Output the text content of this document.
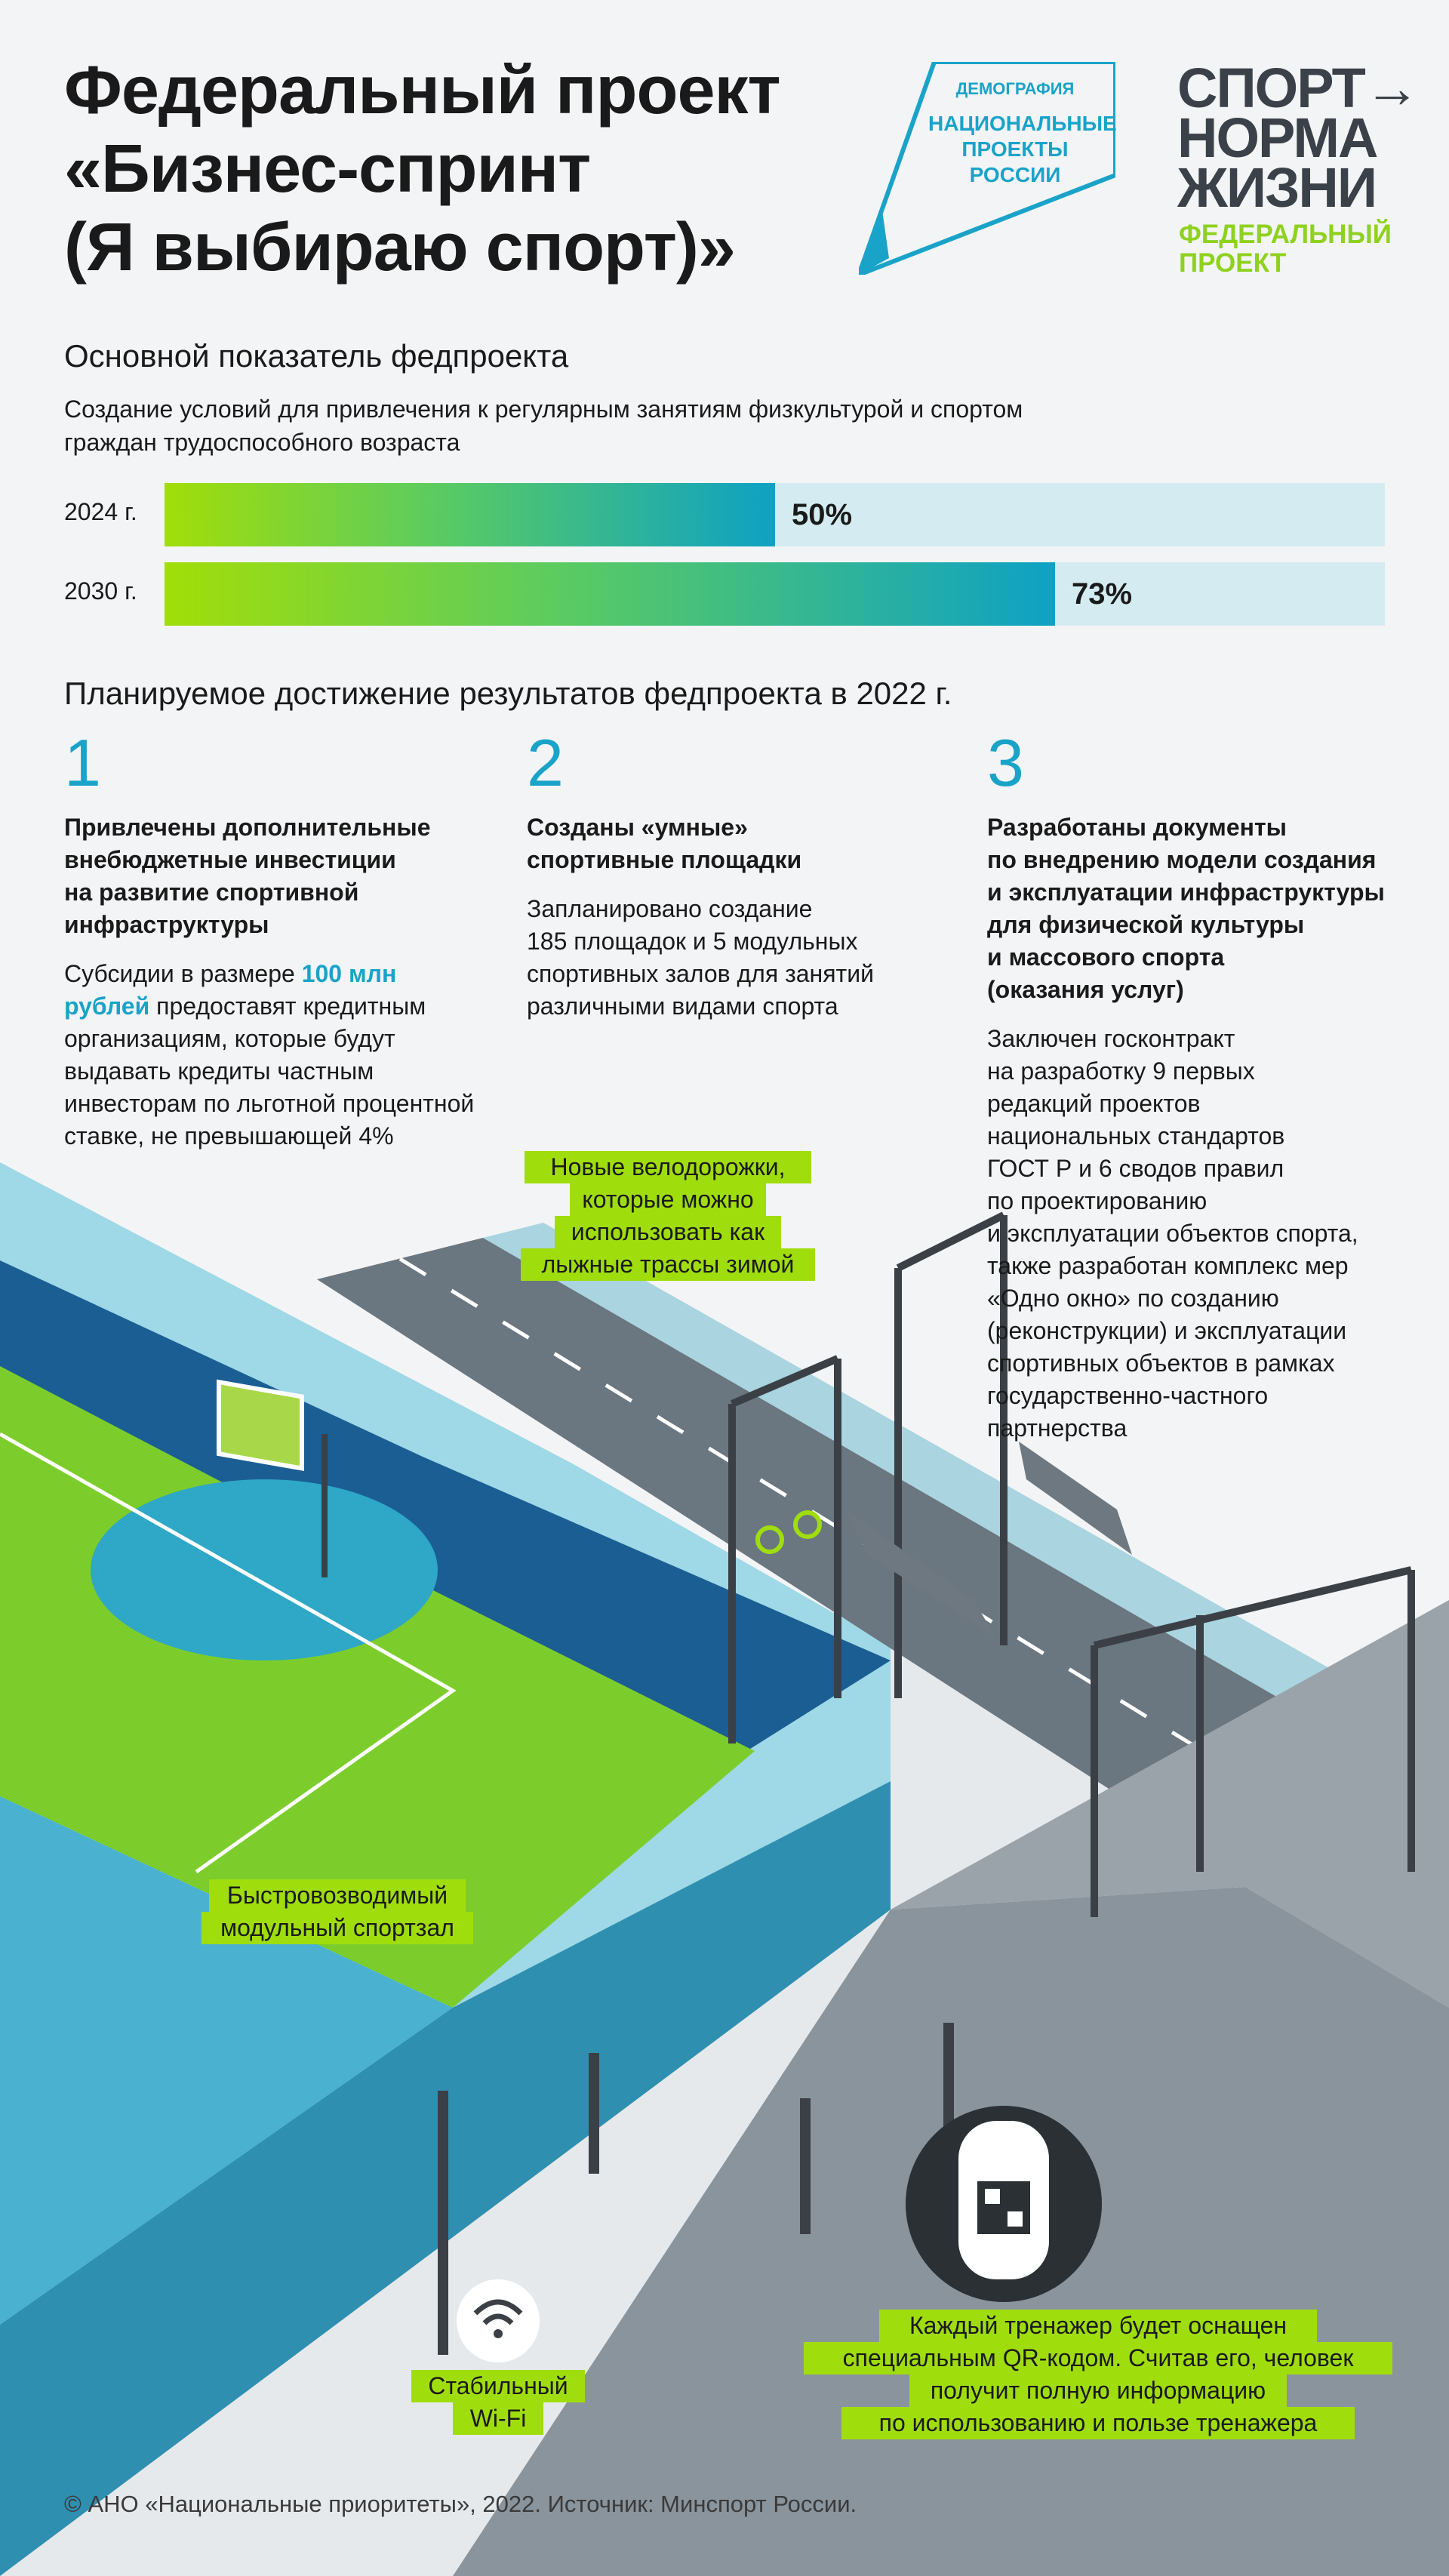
Федеральный проект
«Бизнес-спринт
(Я выбираю спорт)»
ДЕМОГРАФИЯ
НАЦИОНАЛЬНЫЕ
ПРОЕКТЫ
РОССИИ
СПОРТ→
НОРМА
ЖИЗНИ
ФЕДЕРАЛЬНЫЙ
ПРОЕКТ
Основной показатель федпроекта
Создание условий для привлечения к регулярным занятиям физкультурой и спортом
граждан трудоспособного возраста
2024 г.	50%
2030 г.	73%
Планируемое достижение результатов федпроекта в 2022 г.
1
Привлечены дополнительные
внебюджетные инвестиции
на развитие спортивной
инфраструктуры
Субсидии в размере 100 млн рублей предоставят кредитным организациям, которые будут выдавать кредиты частным инвесторам по льготной процентной ставке, не превышающей 4%
2
Созданы «умные»
спортивные площадки
Запланировано создание
185 площадок и 5 модульных
спортивных залов для занятий
различными видами спорта
3
Разработаны документы
по внедрению модели создания
и эксплуатации инфраструктуры
для физической культуры
и массового спорта
(оказания услуг)
Заключен госконтракт
на разработку 9 первых
редакций проектов
национальных стандартов
ГОСТ Р и 6 сводов правил
по проектированию
и эксплуатации объектов спорта,
также разработан комплекс мер
«Одно окно» по созданию
(реконструкции) и эксплуатации
спортивных объектов в рамках
государственно-частного
партнерства
Новые велодорожки,
которые можно
использовать как
лыжные трассы зимой
Быстровозводимый
модульный спортзал
Стабильный
Wi-Fi
Каждый тренажер будет оснащен
специальным QR-кодом. Считав его, человек
получит полную информацию
по использованию и пользе тренажера
© АНО «Национальные приоритеты», 2022. Источник: Минспорт России.
